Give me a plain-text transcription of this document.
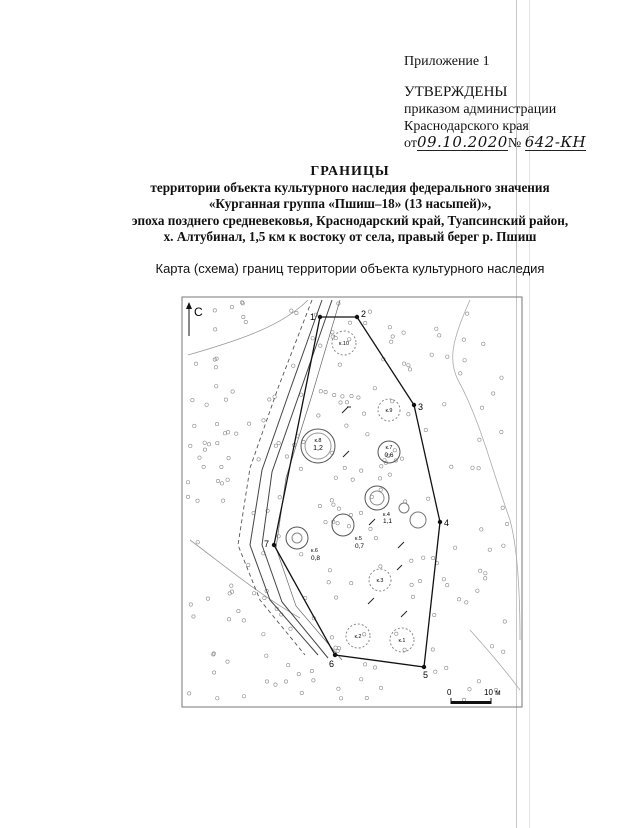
Приложение 1
УТВЕРЖДЕНЫ
приказом администрации
Краснодарского края
от09.10.2020№ 642-КН
ГРАНИЦЫ
территории объекта культурного наследия федерального значения
«Курганная группа «Пшиш–18» (13 насыпей)»,
эпоха позднего средневековья, Краснодарский край, Туапсинский район,
х. Алтубинал, 1,5 км к востоку от села, правый берег р. Пшиш
Карта (схема) границ территории объекта культурного наследия
1	2
3
4
5
6
7
к.10
к.9
к.8
1,2	к.7
0,6
к.6
0,8
к.5
0,7
к.4
1,1
к.3
к.2
к.1
С
0	10 м
